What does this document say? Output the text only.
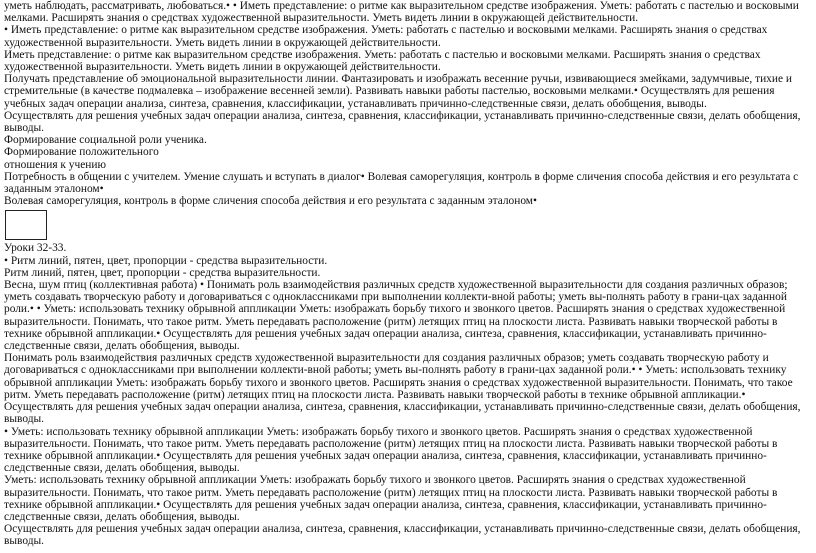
уметь наблюдать, рассматривать, любоваться.• • Иметь представление: о ритме как выразительном средстве изображения. Уметь: работать с пастелью и восковыми мелками. Расширять знания о средствах художественной выразительности. Уметь видеть линии в окружающей действительности.

• Иметь представление: о ритме как выразительном средстве изображения. Уметь: работать с пастелью и восковыми мелками. Расширять знания о средствах художественной выразительности. Уметь видеть линии в окружающей действительности.

Иметь представление: о ритме как выразительном средстве изображения. Уметь: работать с пастелью и восковыми мелками. Расширять знания о средствах художественной выразительности. Уметь видеть линии в окружающей действительности.

Получать представление об эмоциональной выразительности линии. Фантазировать и изображать весенние ручьи, извивающиеся змейками, задумчивые, тихие и стремительные (в качестве подмалевка – изображение весенней земли). Развивать навыки работы пастелью, восковыми мелками.• Осуществлять для решения учебных задач операции анализа, синтеза, сравнения, классификации, устанавливать причинно-следственные связи, делать обобщения, выводы.

Осуществлять для решения учебных задач операции анализа, синтеза, сравнения, классификации, устанавливать причинно-следственные связи, делать обобщения, выводы.

Формирование социальной роли ученика.

Формирование положительного

отношения к учению

Потребность в общении с учителем. Умение слушать и вступать в диалог• Волевая саморегуляция, контроль в форме сличения способа действия и его результата с заданным эталоном•

Волевая саморегуляция, контроль в форме сличения способа действия и его результата с заданным эталоном•

Уроки 32-33.

• Ритм линий, пятен, цвет, пропорции - средства выразительности.

Ритм линий, пятен, цвет, пропорции - средства выразительности.

Весна, шум птиц (коллективная работа) • Понимать роль взаимодействия различных средств художественной выразительности для создания различных образов; уметь создавать творческую работу и договариваться с одноклассниками при выполнении коллекти-вной работы; уметь вы-полнять работу в грани-цах заданной роли.• • Уметь: использовать технику обрывной аппликации Уметь: изображать борьбу тихого и звонкого цветов. Расширять знания о средствах художественной выразительности. Понимать, что такое ритм. Уметь передавать расположение (ритм) летящих птиц на плоскости листа. Развивать навыки творческой работы в технике обрывной аппликации.• Осуществлять для решения учебных задач операции анализа, синтеза, сравнения, классификации, устанавливать причинно-следственные связи, делать обобщения, выводы.

Понимать роль взаимодействия различных средств художественной выразительности для создания различных образов; уметь создавать творческую работу и договариваться с одноклассниками при выполнении коллекти-вной работы; уметь вы-полнять работу в грани-цах заданной роли.• • Уметь: использовать технику обрывной аппликации Уметь: изображать борьбу тихого и звонкого цветов. Расширять знания о средствах художественной выразительности. Понимать, что такое ритм. Уметь передавать расположение (ритм) летящих птиц на плоскости листа. Развивать навыки творческой работы в технике обрывной аппликации.• Осуществлять для решения учебных задач операции анализа, синтеза, сравнения, классификации, устанавливать причинно-следственные связи, делать обобщения, выводы.

• Уметь: использовать технику обрывной аппликации Уметь: изображать борьбу тихого и звонкого цветов. Расширять знания о средствах художественной выразительности. Понимать, что такое ритм. Уметь передавать расположение (ритм) летящих птиц на плоскости листа. Развивать навыки творческой работы в технике обрывной аппликации.• Осуществлять для решения учебных задач операции анализа, синтеза, сравнения, классификации, устанавливать причинно-следственные связи, делать обобщения, выводы.

Уметь: использовать технику обрывной аппликации Уметь: изображать борьбу тихого и звонкого цветов. Расширять знания о средствах художественной выразительности. Понимать, что такое ритм. Уметь передавать расположение (ритм) летящих птиц на плоскости листа. Развивать навыки творческой работы в технике обрывной аппликации.• Осуществлять для решения учебных задач операции анализа, синтеза, сравнения, классификации, устанавливать причинно-следственные связи, делать обобщения, выводы.

Осуществлять для решения учебных задач операции анализа, синтеза, сравнения, классификации, устанавливать причинно-следственные связи, делать обобщения, выводы.
